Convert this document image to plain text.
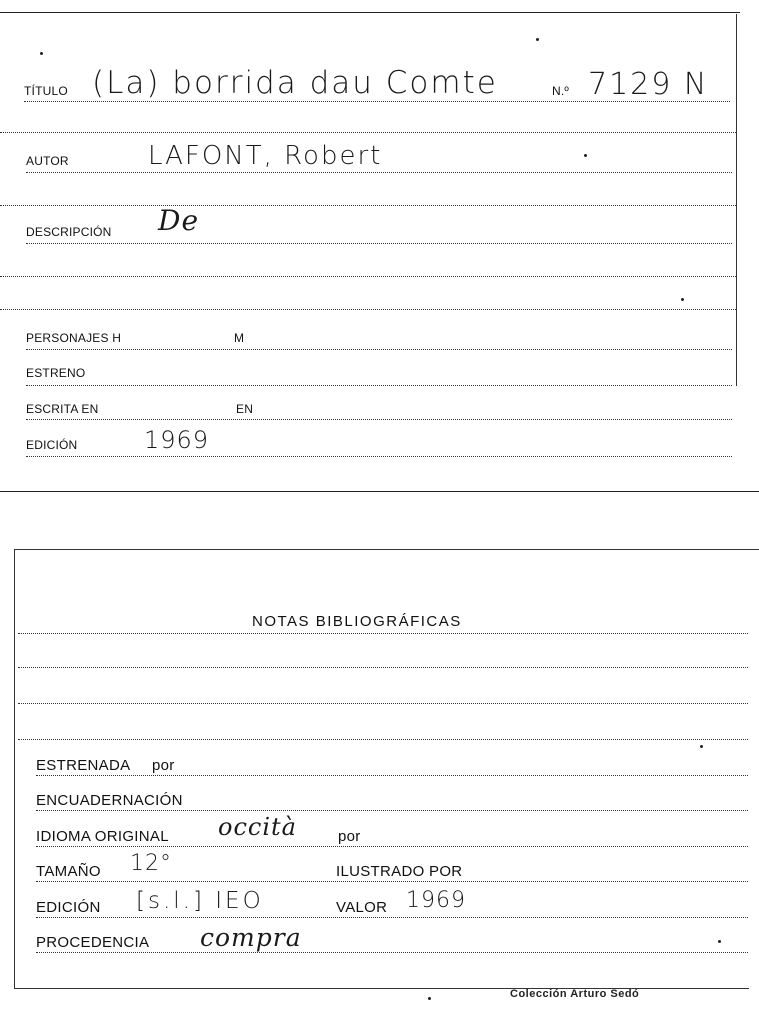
TÍTULO (La) borrida dau Comte	N.º 7129 N
AUTOR	LAFONT, Robert
DESCRIPCIÓN De
PERSONAJES H	M
ESTRENO
ESCRITA EN	EN
EDICIÓN	1969
NOTAS BIBLIOGRÁFICAS
ESTRENADA por
ENCUADERNACIÓN
IDIOMA ORIGINAL occità	por
TAMAÑO 12°	ILUSTRADO POR
EDICIÓN [s.l.] IEO	VALOR 1969
PROCEDENCIA compra
Colección Arturo Sedó
